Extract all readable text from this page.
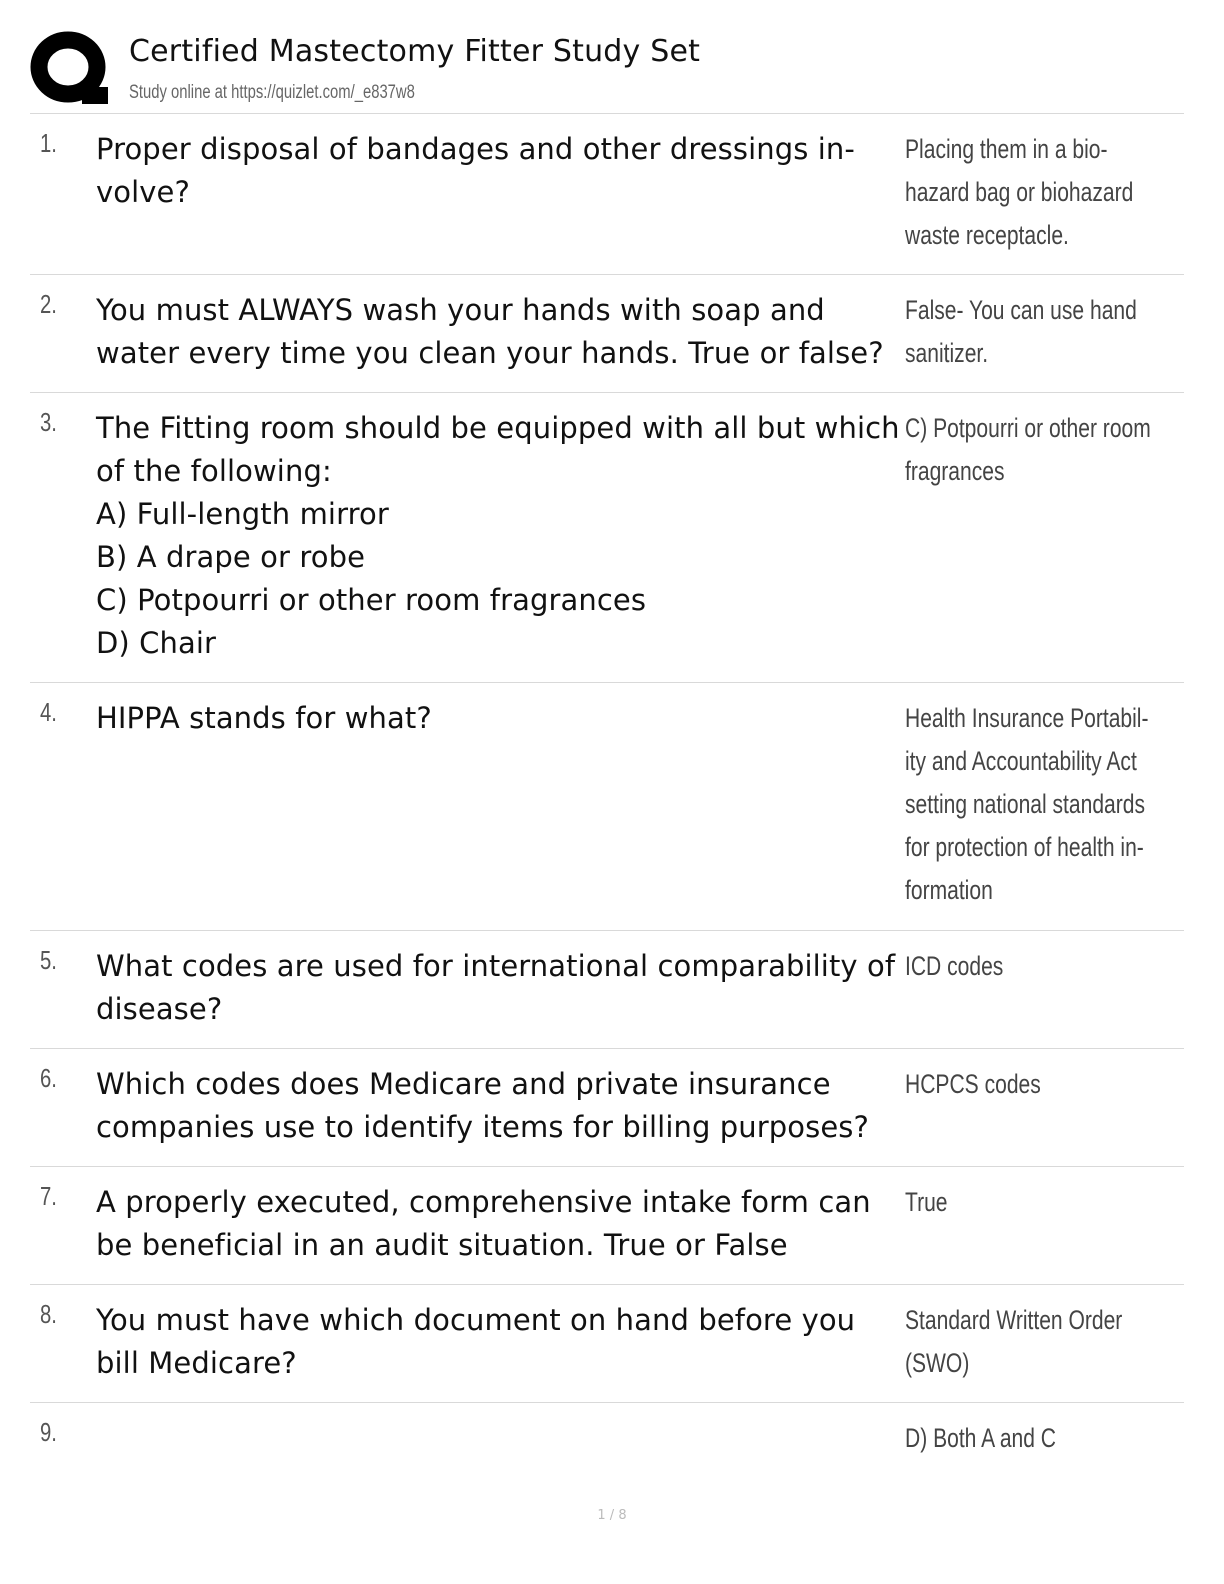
Certified Mastectomy Fitter Study Set
Study online at https://quizlet.com/_e837w8
1. Proper disposal of bandages and other dressings in-
volve?
Placing them in a bio-
hazard bag or biohazard
waste receptacle.
2. You must ALWAYS wash your hands with soap and
water every time you clean your hands. True or false?
False- You can use hand
sanitizer.
3. The Fitting room should be equipped with all but which
of the following:
A) Full-length mirror
B) A drape or robe
C) Potpourri or other room fragrances
D) Chair
C) Potpourri or other room
fragrances
4. HIPPA stands for what?	Health Insurance Portabil-
ity and Accountability Act
setting national standards
for protection of health in-
formation
5. What codes are used for international comparability of
disease?
ICD codes
6. Which codes does Medicare and private insurance
companies use to identify items for billing purposes?
HCPCS codes
7. A properly executed, comprehensive intake form can
be beneficial in an audit situation. True or False
True
8. You must have which document on hand before you
bill Medicare?
Standard Written Order
(SWO)
9.	D) Both A and C
1 / 8
